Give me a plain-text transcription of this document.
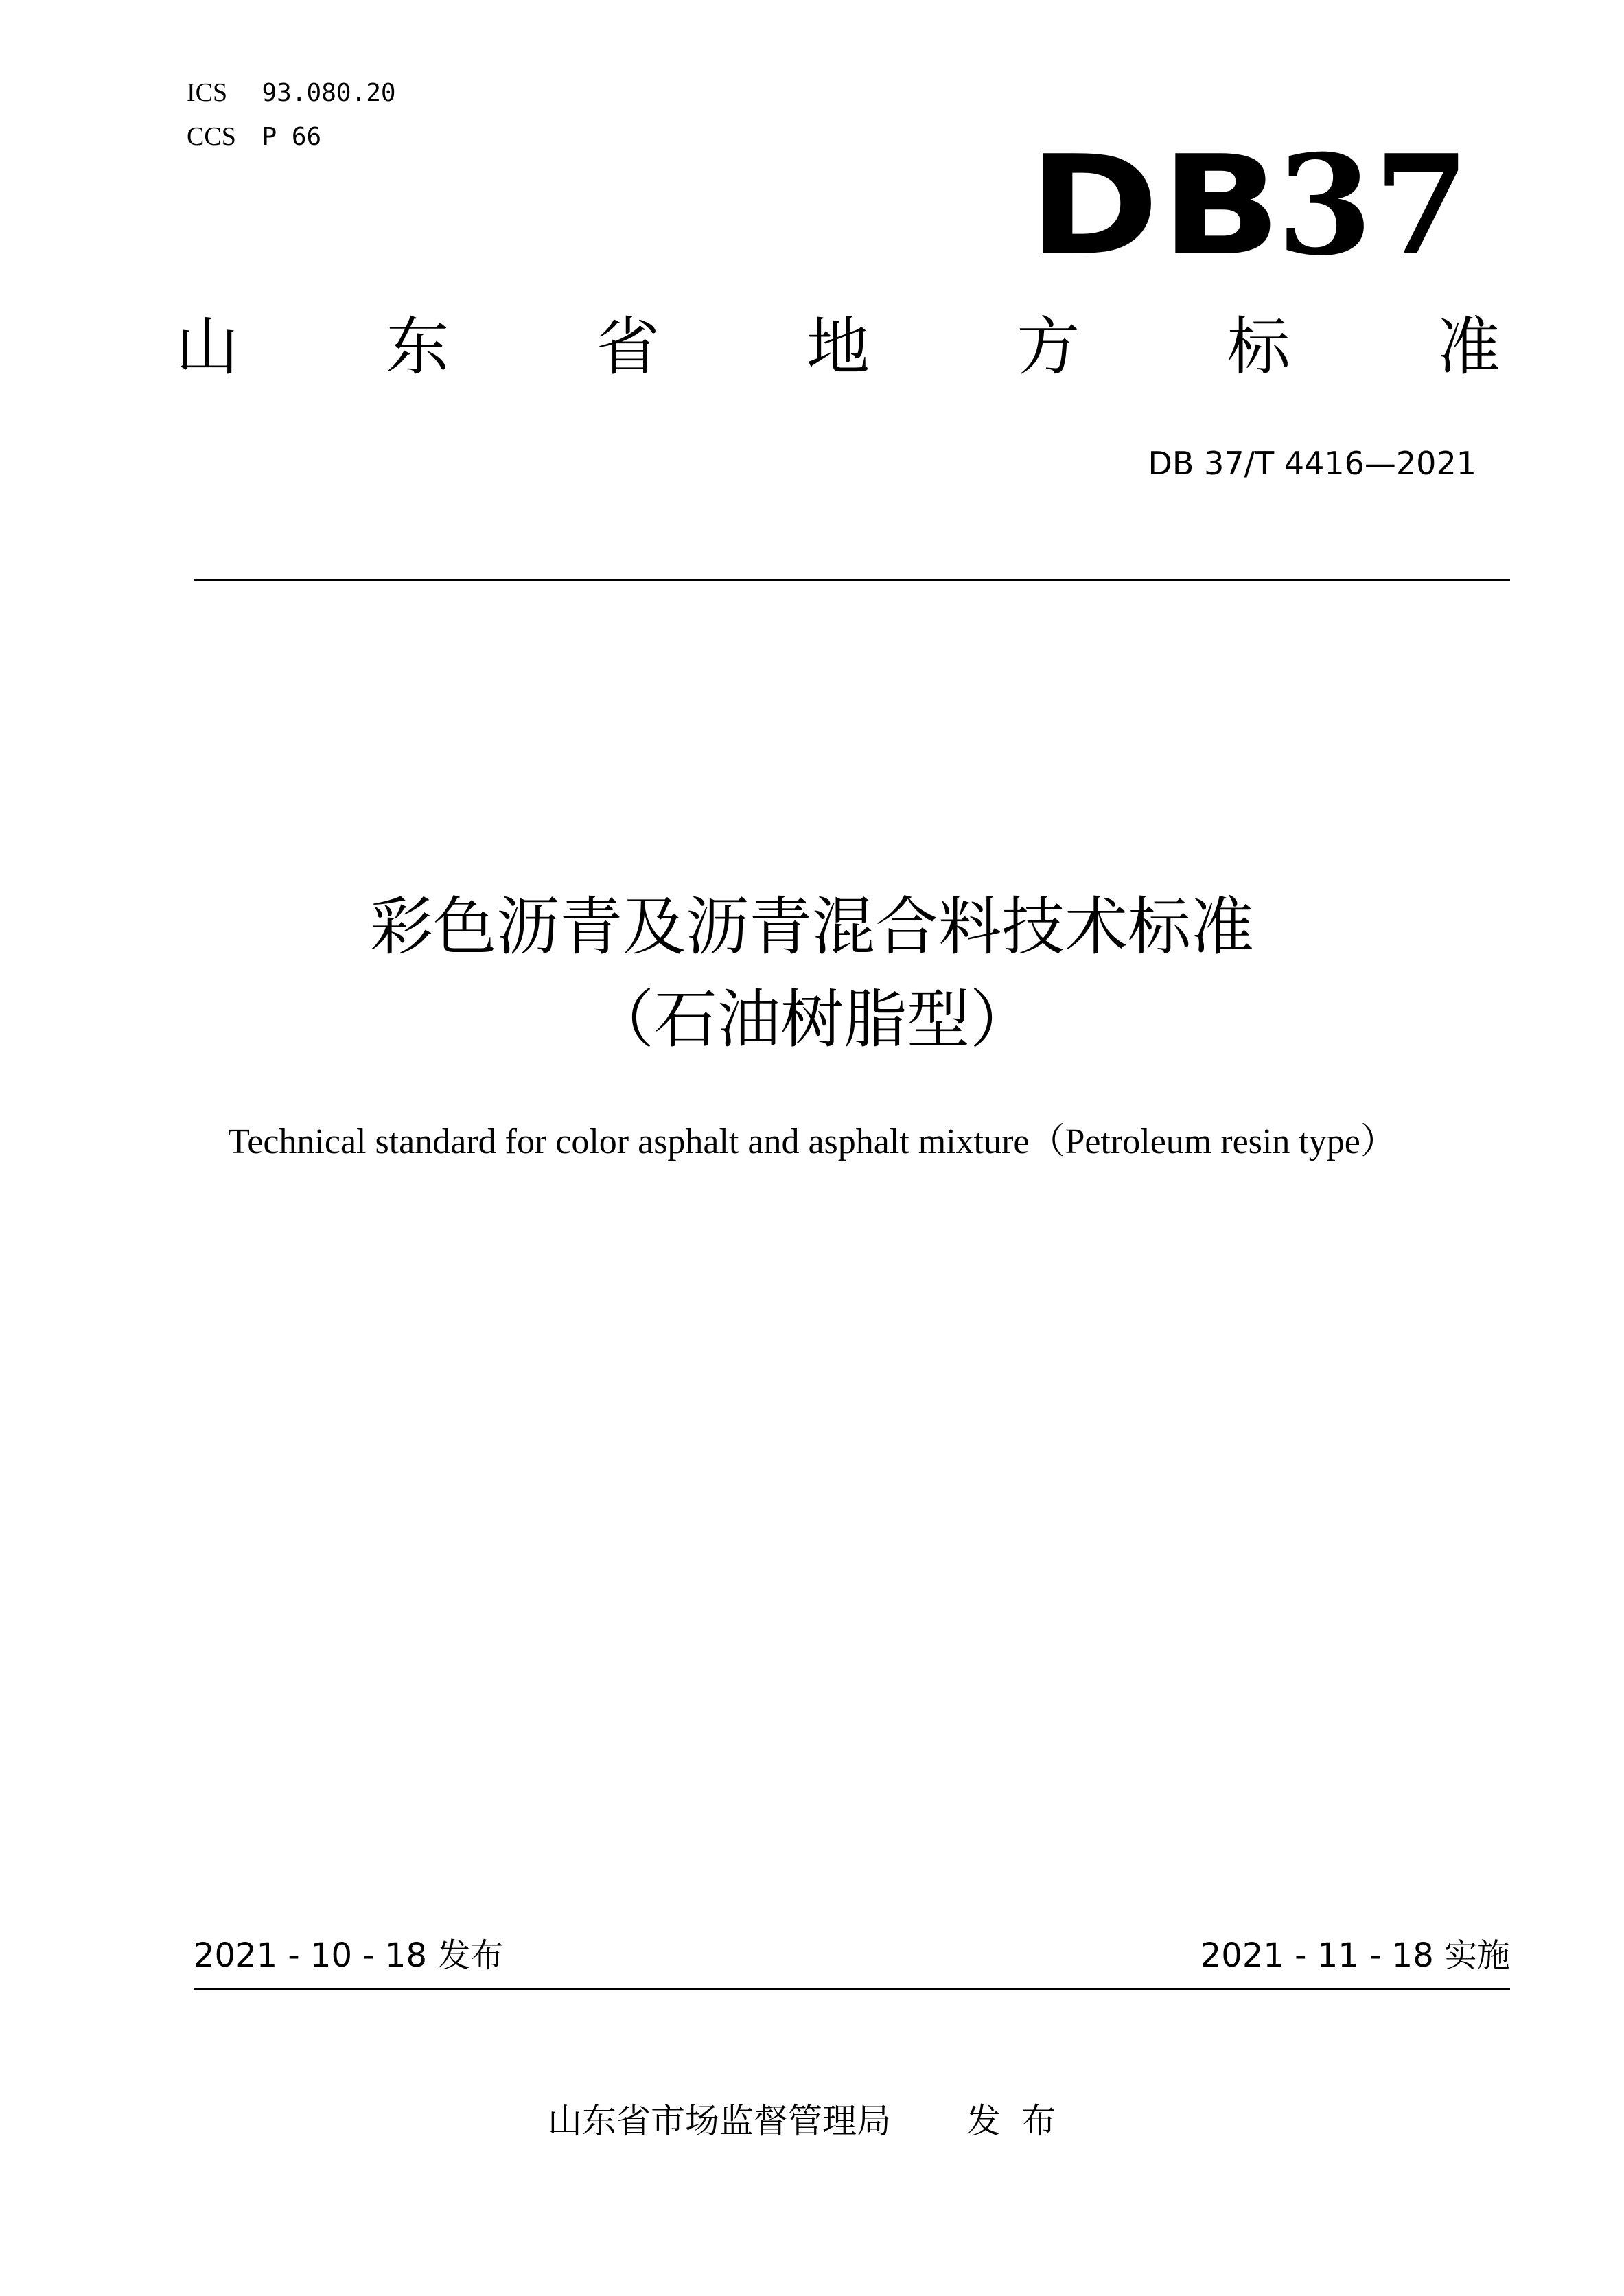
ICS 93.080.20
CCS P 66	DB37
山 东 省 地 方 标 准
DB 37/T 4416—2021
彩色沥青及沥青混合料技术标准
（石油树脂型）
Technical standard for color asphalt and asphalt mixture（Petroleum resin type）
2021 - 10 - 18 发布	2021 - 11 - 18 实施
山东省市场监督管理局 发布
